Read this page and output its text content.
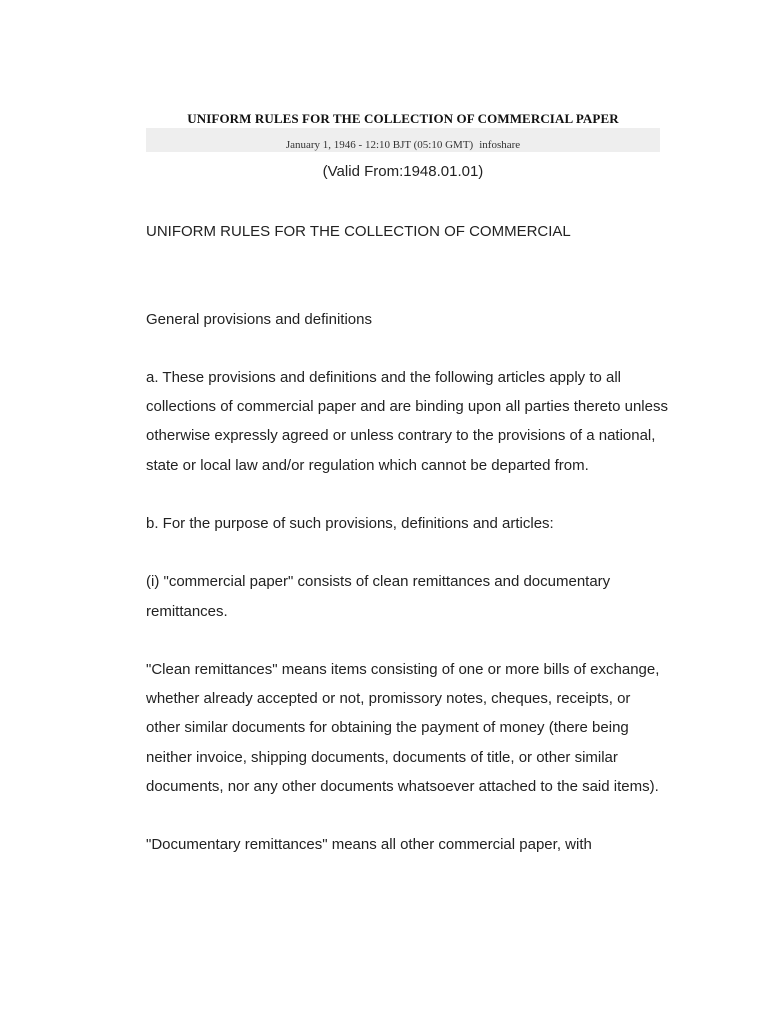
UNIFORM RULES FOR THE COLLECTION OF COMMERCIAL PAPER
January 1, 1946 - 12:10 BJT (05:10 GMT) infoshare
(Valid From:1948.01.01)

UNIFORM RULES FOR THE COLLECTION OF COMMERCIAL

General provisions and definitions

a. These provisions and definitions and the following articles apply to all collections of commercial paper and are binding upon all parties thereto unless otherwise expressly agreed or unless contrary to the provisions of a national, state or local law and/or regulation which cannot be departed from.

b. For the purpose of such provisions, definitions and articles:

(i) "commercial paper" consists of clean remittances and documentary remittances.

"Clean remittances" means items consisting of one or more bills of exchange, whether already accepted or not, promissory notes, cheques, receipts, or other similar documents for obtaining the payment of money (there being neither invoice, shipping documents, documents of title, or other similar documents, nor any other documents whatsoever attached to the said items).

"Documentary remittances" means all other commercial paper, with
